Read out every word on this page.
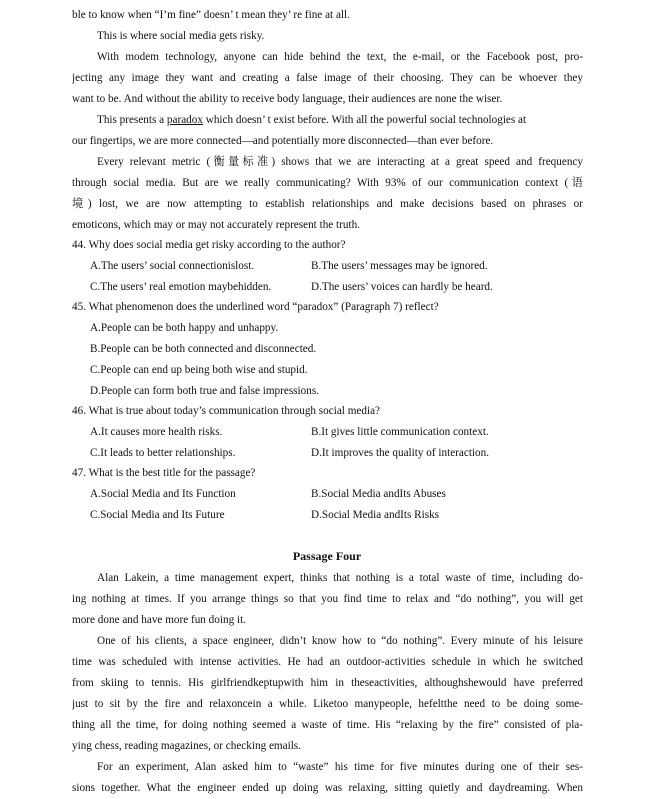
ble to know when “I’m fine” doesn’ t mean they’ re fine at all.
This is where social media gets risky.
With modem technology, anyone can hide behind the text, the e-mail, or the Facebook post, pro-
jecting any image they want and creating a false image of their choosing. They can be whoever they
want to be. And without the ability to receive body language, their audiences are none the wiser.
This presents a paradox which doesn’ t exist before. With all the powerful social technologies at
our fingertips, we are more connected—and potentially more disconnected—than ever before.
Every relevant metric (衡量标准) shows that we are interacting at a great speed and frequency
through social media. But are we really communicating? With 93% of our communication context (语
境) lost, we are now attempting to establish relationships and make decisions based on phrases or
emoticons, which may or may not accurately represent the truth.
44. Why does social media get risky according to the author?
A.The users’ social connectionislost.	B.The users’ messages may be ignored.
C.The users’ real emotion maybehidden.	D.The users’ voices can hardly be heard.
45. What phenomenon does the underlined word “paradox” (Paragraph 7) reflect?
A.People can be both happy and unhappy.
B.People can be both connected and disconnected.
C.People can end up being both wise and stupid.
D.People can form both true and false impressions.
46. What is true about today’s communication through social media?
A.It causes more health risks.	B.It gives little communication context.
C.It leads to better relationships.	D.It improves the quality of interaction.
47. What is the best title for the passage?
A.Social Media and Its Function	B.Social Media andIts Abuses
C.Social Media and Its Future	D.Social Media andIts Risks
Passage Four
Alan Lakein, a time management expert, thinks that nothing is a total waste of time, including do-
ing nothing at times. If you arrange things so that you find time to relax and “do nothing”, you will get
more done and have more fun doing it.
One of his clients, a space engineer, didn’t know how to “do nothing”. Every minute of his leisure
time was scheduled with intense activities. He had an outdoor-activities schedule in which he switched
from skiing to tennis. His girlfriendkeptupwith him in theseactivities, althoughshewould have preferred
just to sit by the fire and relaxoncein a while. Liketoo manypeople, hefeltthe need to be doing some-
thing all the time, for doing nothing seemed a waste of time. His “relaxing by the fire” consisted of pla-
ying chess, reading magazines, or checking emails.
For an experiment, Alan asked him to “waste” his time for five minutes during one of their ses-
sions together. What the engineer ended up doing was relaxing, sitting quietly and daydreaming. When
